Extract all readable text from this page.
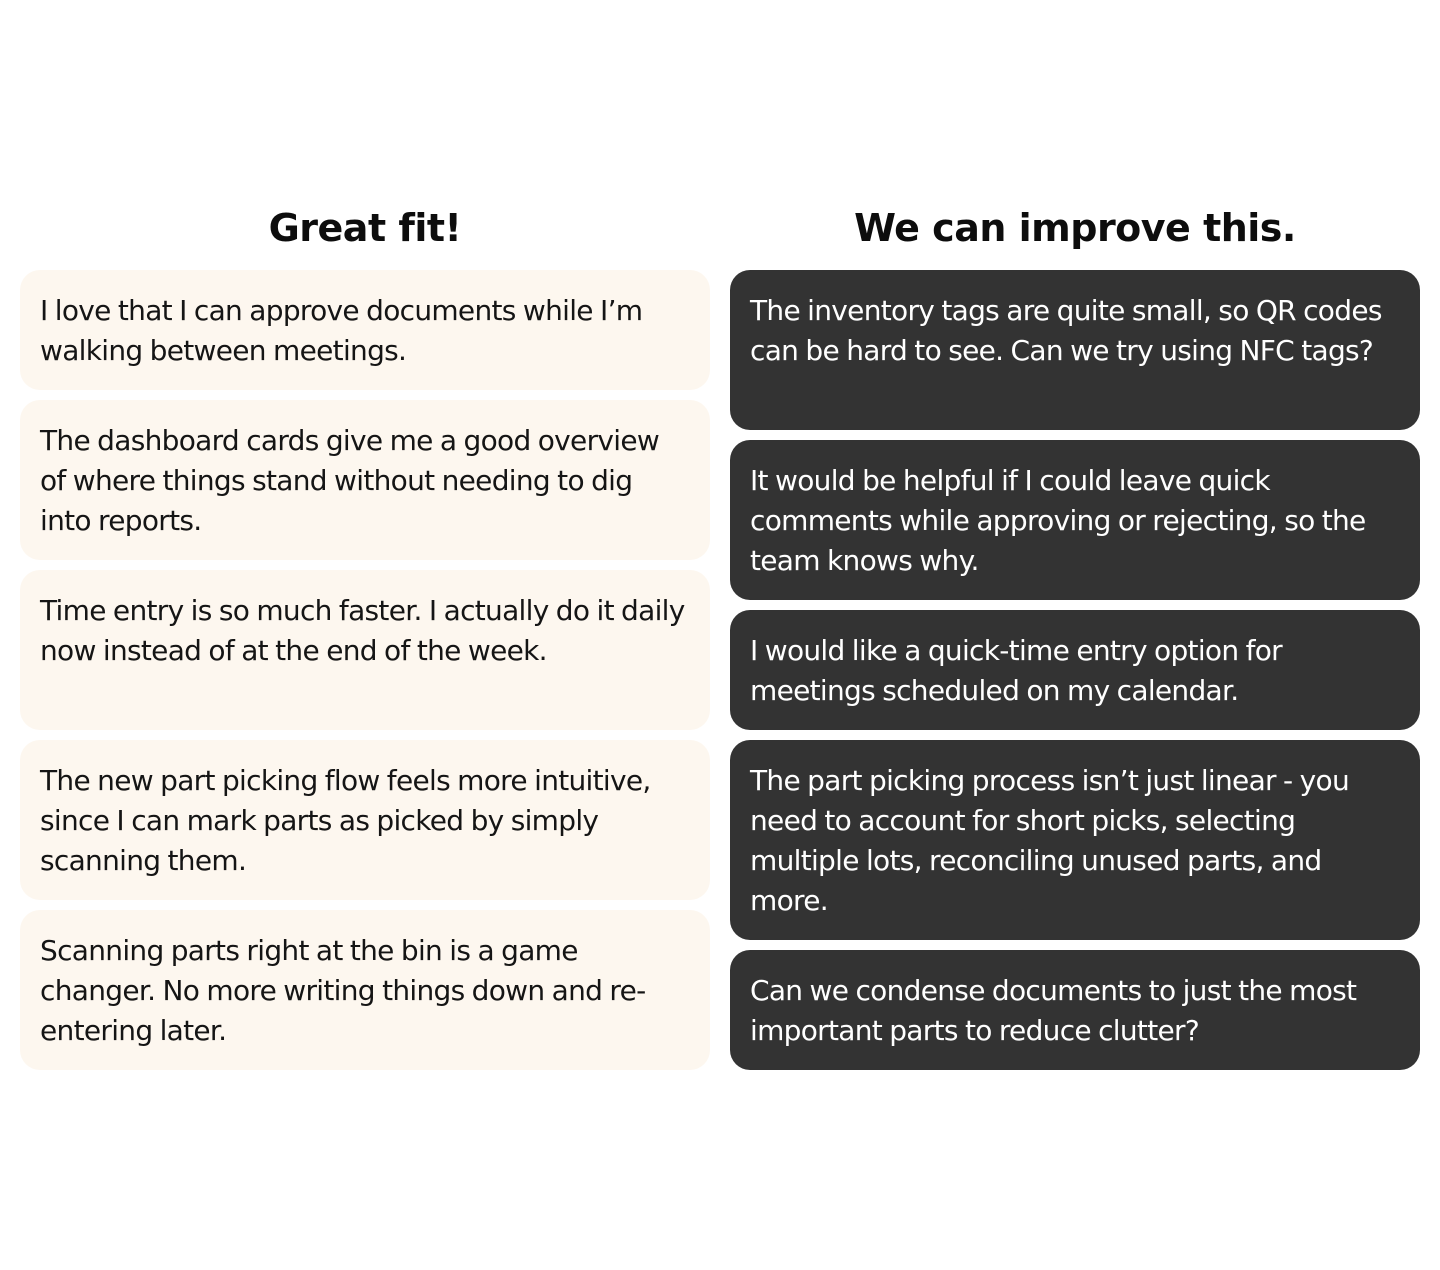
Great fit!
I love that I can approve documents while I’m walking between meetings.
The dashboard cards give me a good overview of where things stand without needing to dig into reports.
Time entry is so much faster. I actually do it daily now instead of at the end of the week.
The new part picking flow feels more intuitive, since I can mark parts as picked by simply scanning them.
Scanning parts right at the bin is a game changer. No more writing things down and re-entering later.
We can improve this.
The inventory tags are quite small, so QR codes can be hard to see. Can we try using NFC tags?
It would be helpful if I could leave quick comments while approving or rejecting, so the team knows why.
I would like a quick-time entry option for meetings scheduled on my calendar.
The part picking process isn’t just linear - you need to account for short picks, selecting multiple lots, reconciling unused parts, and more.
Can we condense documents to just the most important parts to reduce clutter?
